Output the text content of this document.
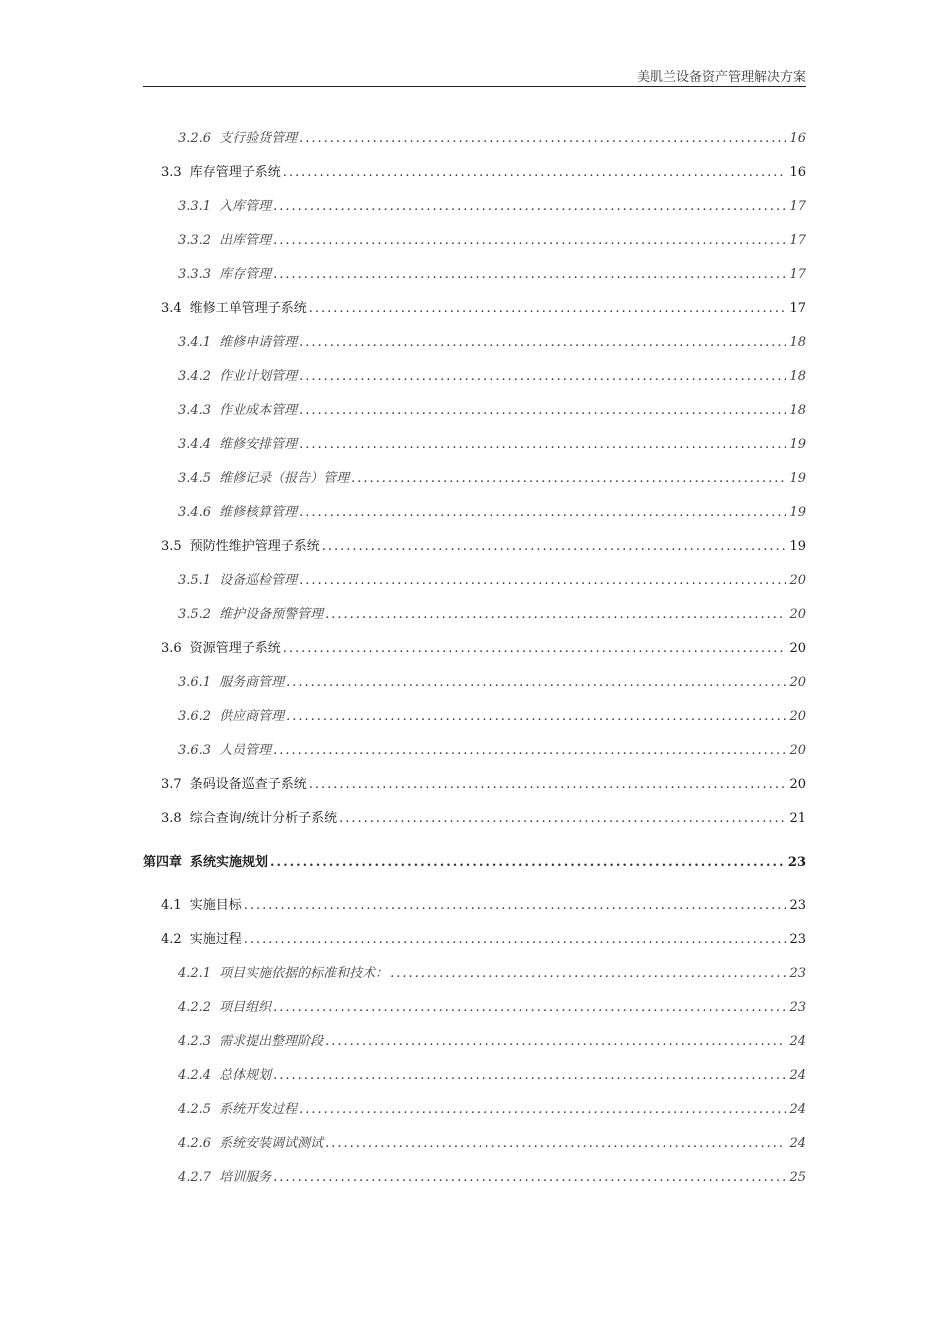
美肌兰设备资产管理解决方案
3.2.6 支行验货管理 .....	16
3.3 库存管理子系统 .....	16
3.3.1 入库管理 .....	17
3.3.2 出库管理 .....	17
3.3.3 库存管理 .....	17
3.4 维修工单管理子系统 .....	17
3.4.1 维修申请管理 .....	18
3.4.2 作业计划管理 .....	18
3.4.3 作业成本管理 .....	18
3.4.4 维修安排管理 .....	19
3.4.5 维修记录（报告）管理 .....	19
3.4.6 维修核算管理 .....	19
3.5 预防性维护管理子系统 .....	19
3.5.1 设备巡检管理 .....	20
3.5.2 维护设备预警管理 .....	20
3.6 资源管理子系统 .....	20
3.6.1 服务商管理 .....	20
3.6.2 供应商管理 .....	20
3.6.3 人员管理 .....	20
3.7 条码设备巡查子系统 .....	20
3.8 综合查询/统计分析子系统 .....	21
第四章 系统实施规划 .....	23
4.1 实施目标 .....	23
4.2 实施过程 .....	23
4.2.1 项目实施依据的标准和技术： .....	23
4.2.2 项目组织 .....	23
4.2.3 需求提出整理阶段 .....	24
4.2.4 总体规划 .....	24
4.2.5 系统开发过程 .....	24
4.2.6 系统安装调试测试 .....	24
4.2.7 培训服务 .....	25
